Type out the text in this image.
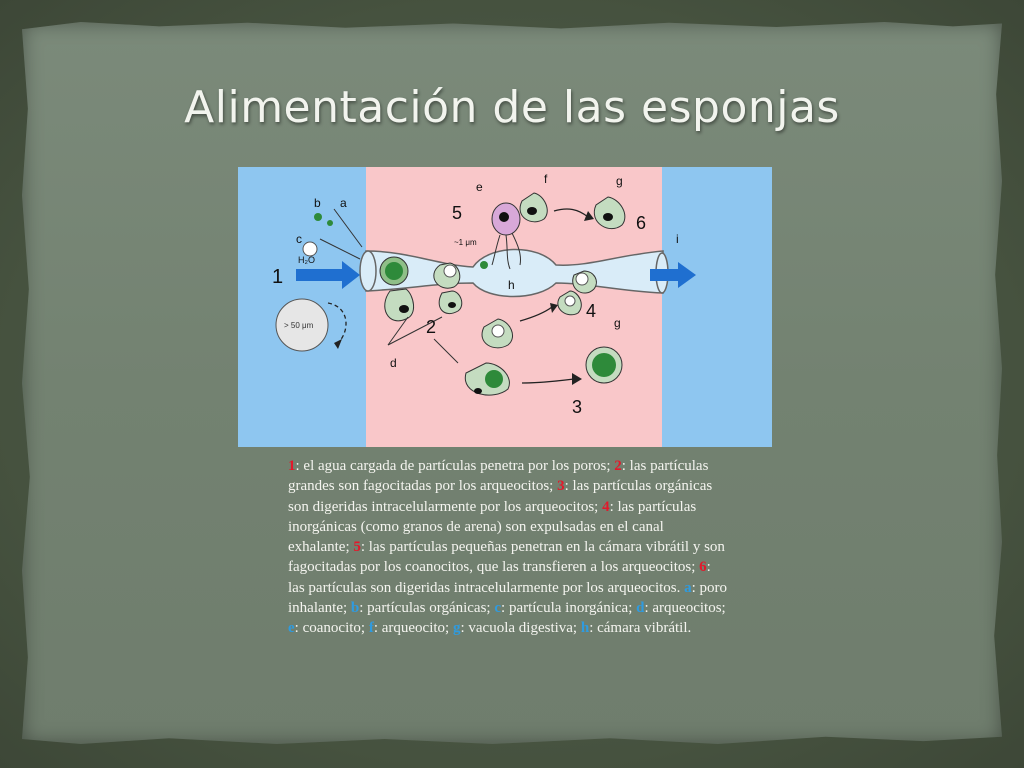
Alimentación de las esponjas
1
2
3
4
5	6
a
b
c
d
e
f	g
g
h
i
H₂O
> 50 μm
~1 μm
1: el agua cargada de partículas penetra por los poros; 2: las partículas grandes son fagocitadas por los arqueocitos; 3: las partículas orgánicas son digeridas intracelularmente por los arqueocitos; 4: las partículas inorgánicas (como granos de arena) son expulsadas en el canal exhalante; 5: las partículas pequeñas penetran en la cámara vibrátil y son fagocitadas por los coanocitos, que las transfieren a los arqueocitos; 6: las partículas son digeridas intracelularmente por los arqueocitos. a: poro inhalante; b: partículas orgánicas; c: partícula inorgánica; d: arqueocitos; e: coanocito; f: arqueocito; g: vacuola digestiva; h: cámara vibrátil.
